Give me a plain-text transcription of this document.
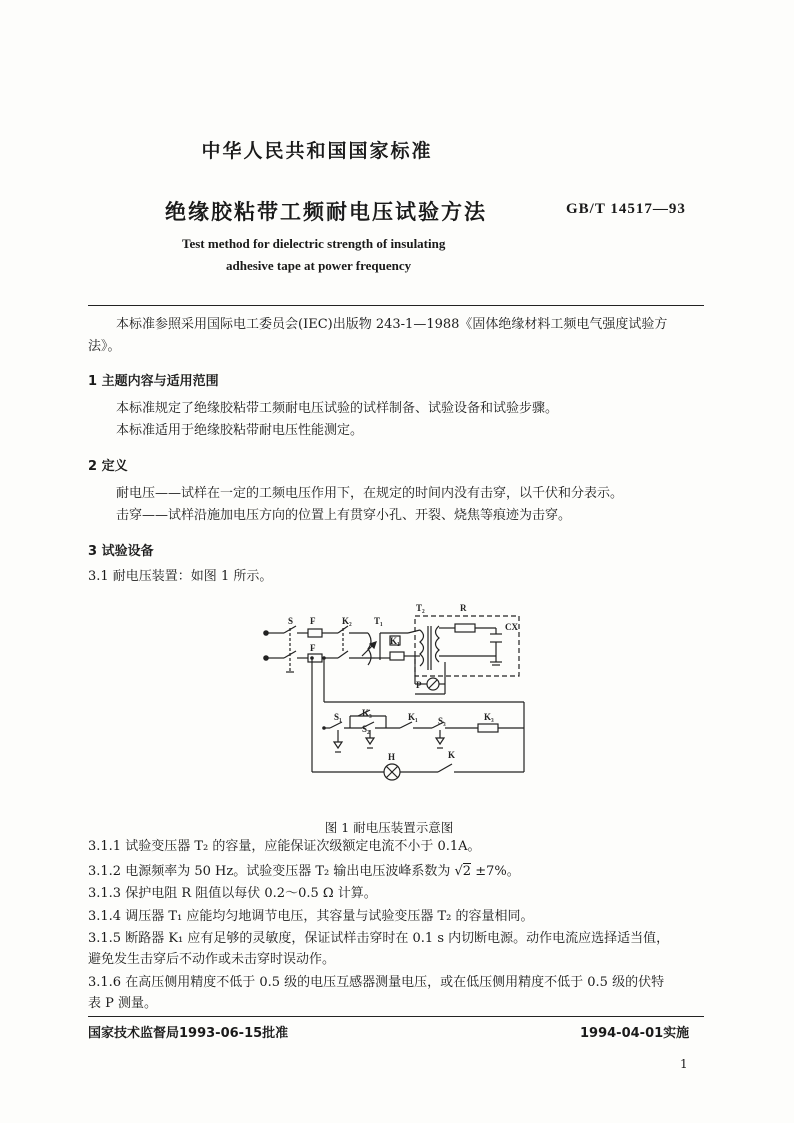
中华人民共和国国家标准
绝缘胶粘带工频耐电压试验方法	GB/T 14517—93
Test method for dielectric strength of insulating
adhesive tape at power frequency
本标准参照采用国际电工委员会(IEC)出版物 243-1—1988《固体绝缘材料工频电气强度试验方
法》。
1 主题内容与适用范围
本标准规定了绝缘胶粘带工频耐电压试验的试样制备、试验设备和试验步骤。
本标准适用于绝缘胶粘带耐电压性能测定。
2 定义
耐电压——试样在一定的工频电压作用下，在规定的时间内没有击穿，以千伏和分表示。
击穿——试样沿施加电压方向的位置上有贯穿小孔、开裂、烧焦等痕迹为击穿。
3 试验设备
3.1 耐电压装置：如图 1 所示。
S F	K₂ T₁
T₂	R
CX
K₁
F
P
S₁ K₃
S₂
K₁ S₃	K₃
H	K
图 1 耐电压装置示意图
3.1.1 试验变压器 T₂ 的容量，应能保证次级额定电流不小于 0.1A。
3.1.2 电源频率为 50 Hz。试验变压器 T₂ 输出电压波峰系数为 √2 ±7%。
3.1.3 保护电阻 R 阻值以每伏 0.2～0.5 Ω 计算。
3.1.4 调压器 T₁ 应能均匀地调节电压，其容量与试验变压器 T₂ 的容量相同。
3.1.5 断路器 K₁ 应有足够的灵敏度，保证试样击穿时在 0.1 s 内切断电源。动作电流应选择适当值，
避免发生击穿后不动作或未击穿时误动作。
3.1.6 在高压侧用精度不低于 0.5 级的电压互感器测量电压，或在低压侧用精度不低于 0.5 级的伏特
表 P 测量。
国家技术监督局1993-06-15批准	1994-04-01实施
1
